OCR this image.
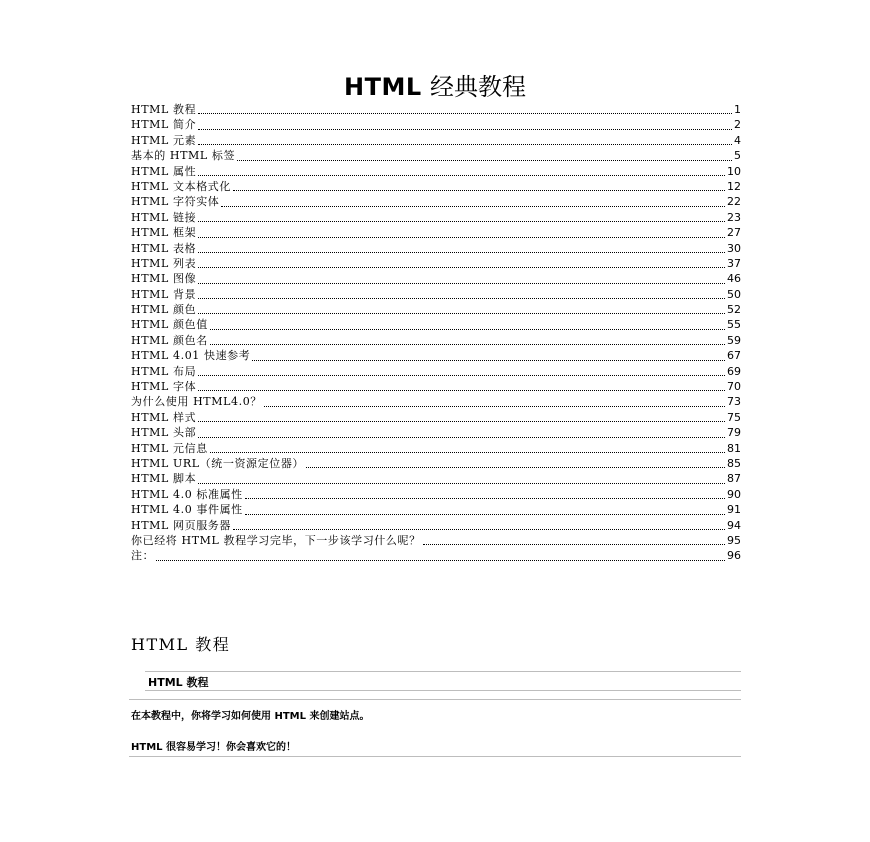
HTML 经典教程
HTML 教程	1
HTML 简介	2
HTML 元素	4
基本的 HTML 标签	5
HTML 属性	10
HTML 文本格式化	12
HTML 字符实体	22
HTML 链接	23
HTML 框架	27
HTML 表格	30
HTML 列表	37
HTML 图像	46
HTML 背景	50
HTML 颜色	52
HTML 颜色值	55
HTML 颜色名	59
HTML 4.01 快速参考	67
HTML 布局	69
HTML 字体	70
为什么使用 HTML4.0？	73
HTML 样式	75
HTML 头部	79
HTML 元信息	81
HTML URL（统一资源定位器）	85
HTML 脚本	87
HTML 4.0 标准属性	90
HTML 4.0 事件属性	91
HTML 网页服务器	94
你已经将 HTML 教程学习完毕，下一步该学习什么呢？	95
注：	96
HTML 教程
HTML 教程
在本教程中，你将学习如何使用 HTML 来创建站点。
HTML 很容易学习！你会喜欢它的！
